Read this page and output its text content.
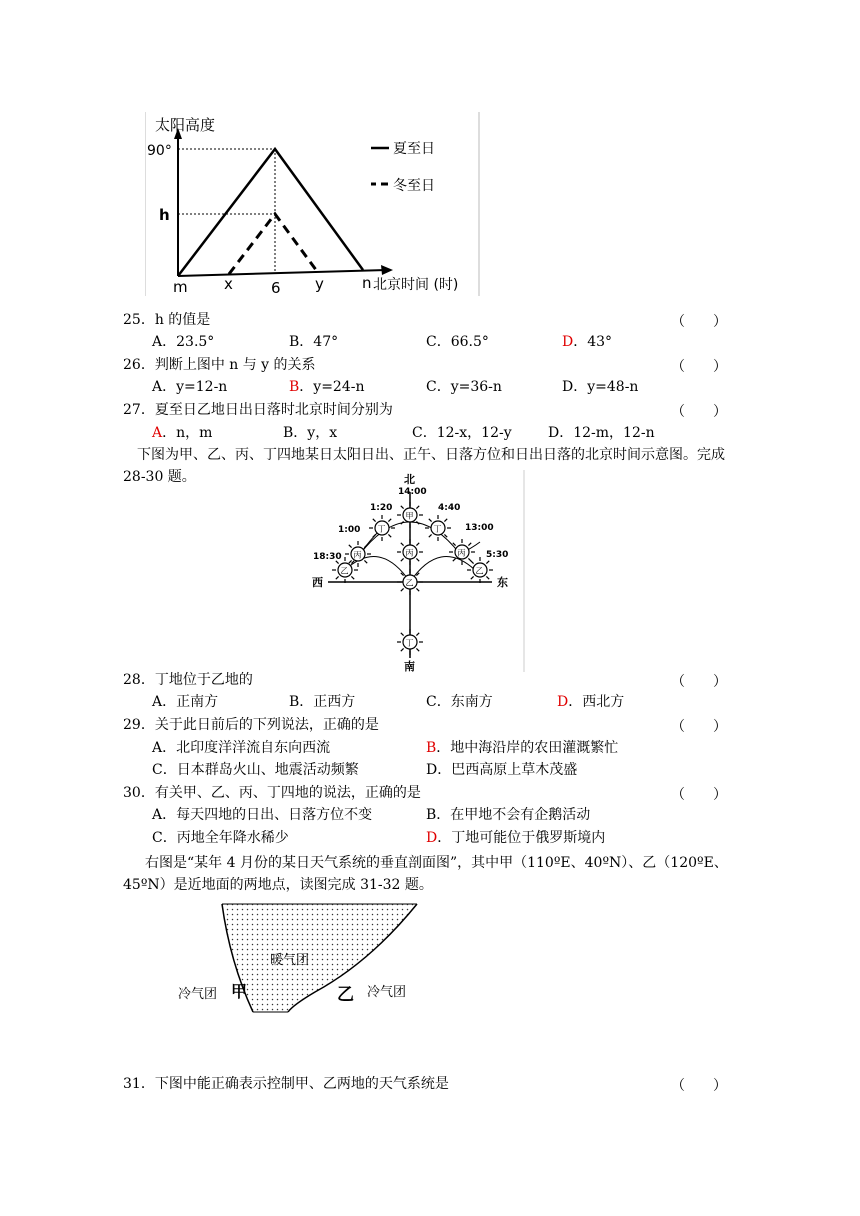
太阳高度
90°
h
m x	6 y	n 北京时间 (时)
夏至日
冬至日
25．h 的值是	（　　）
A．23.5°	B．47°	C．66.5°	D．43°
26．判断上图中 n 与 y 的关系	（　　）
A．y=12-n	B．y=24-n	C．y=36-n	D．y=48-n
27．夏至日乙地日出日落时北京时间分别为	（　　）
A．n，m	B．y，x	C．12-x，12-y	D．12-m，12-n
下图为甲、乙、丙、丁四地某日太阳日出、正午、日落方位和日出日落的北京时间示意图。完成 28-30 题。	北
南
西	东
14:00
1:20	4:40
1:00	13:00
18:30	5:30
甲
丁	丁
丙	丙	丙
乙
乙
乙
丁
28．丁地位于乙地的	（　　）
A．正南方	B．正西方	C．东南方	D．西北方
29．关于此日前后的下列说法，正确的是	（　　）
A．北印度洋洋流自东向西流	B．地中海沿岸的农田灌溉繁忙
C．日本群岛火山、地震活动频繁	D．巴西高原上草木茂盛
30．有关甲、乙、丙、丁四地的说法，正确的是	（　　）
A．每天四地的日出、日落方位不变	B．在甲地不会有企鹅活动
C．丙地全年降水稀少	D．丁地可能位于俄罗斯境内
右图是“某年 4 月份的某日天气系统的垂直剖面图”，其中甲（110ºE、40ºN）、乙（120ºE、45ºN）是近地面的两地点，读图完成 31-32 题。
暖气团
冷气团 甲	乙 冷气团
31．下图中能正确表示控制甲、乙两地的天气系统是	（　　）
